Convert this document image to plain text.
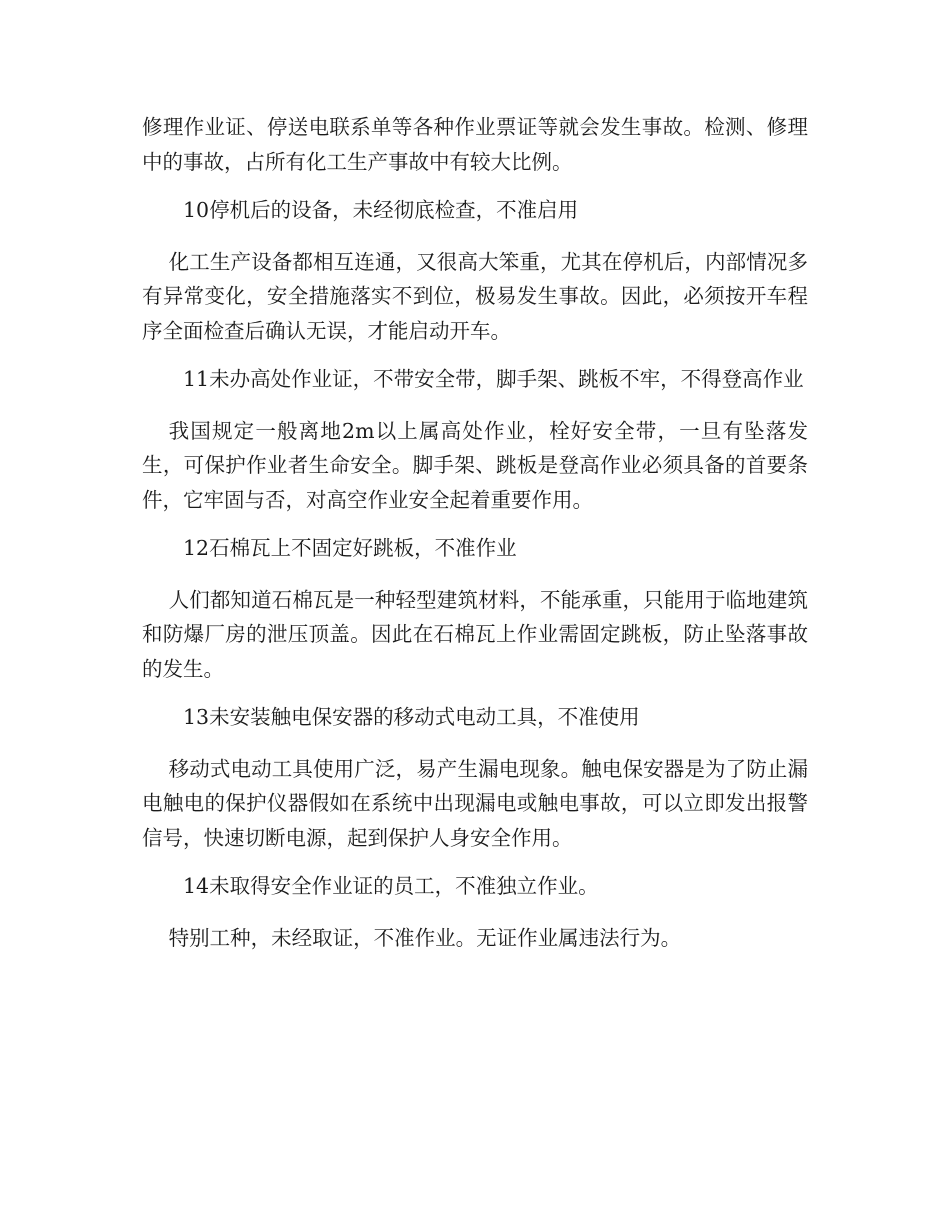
修理作业证、停送电联系单等各种作业票证等就会发生事故。检测、修理中的事故，占所有化工生产事故中有较大比例。

10停机后的设备，未经彻底检查，不准启用

化工生产设备都相互连通，又很高大笨重，尤其在停机后，内部情况多有异常变化，安全措施落实不到位，极易发生事故。因此，必须按开车程序全面检查后确认无误，才能启动开车。

11未办高处作业证，不带安全带，脚手架、跳板不牢，不得登高作业

我国规定一般离地2m以上属高处作业，栓好安全带，一旦有坠落发生，可保护作业者生命安全。脚手架、跳板是登高作业必须具备的首要条件，它牢固与否，对高空作业安全起着重要作用。

12石棉瓦上不固定好跳板，不准作业

人们都知道石棉瓦是一种轻型建筑材料，不能承重，只能用于临地建筑和防爆厂房的泄压顶盖。因此在石棉瓦上作业需固定跳板，防止坠落事故的发生。

13未安装触电保安器的移动式电动工具，不准使用

移动式电动工具使用广泛，易产生漏电现象。触电保安器是为了防止漏电触电的保护仪器假如在系统中出现漏电或触电事故，可以立即发出报警信号，快速切断电源，起到保护人身安全作用。

14未取得安全作业证的员工，不准独立作业。

特别工种，未经取证，不准作业。无证作业属违法行为。
